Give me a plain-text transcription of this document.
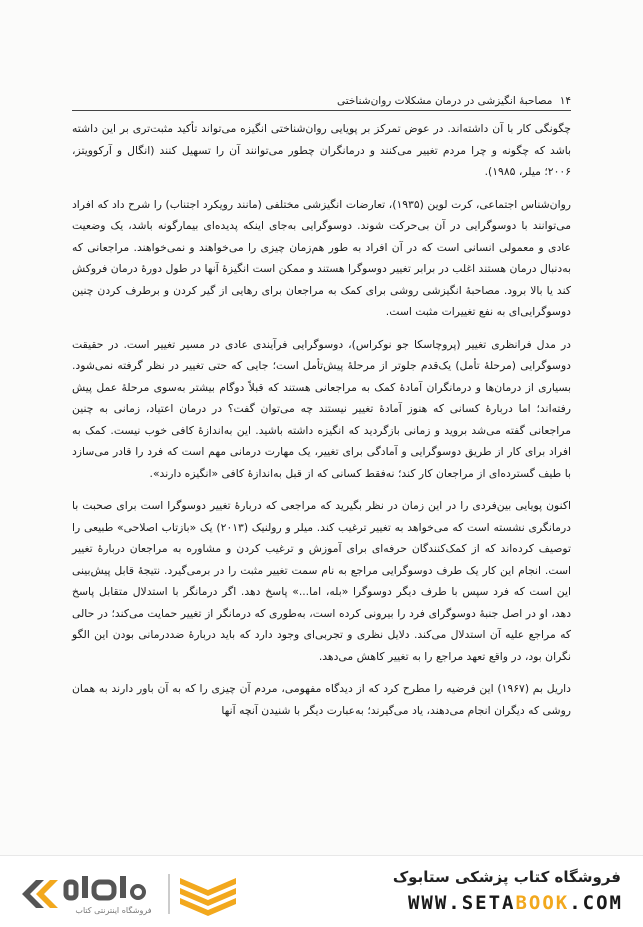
۱۴ مصاحبهٔ انگیزشی در درمان مشکلات روان‌شناختی

چگونگی کار با آن داشته‌اند. در عوض تمرکز بر پویایی روان‌شناختی انگیزه می‌تواند تأکید مثبت‌تری بر این داشته باشد که چگونه و چرا مردم تغییر می‌کنند و درمانگران چطور می‌توانند آن را تسهیل کنند (انگال و آرکوویتز، ۲۰۰۶؛ میلر، ۱۹۸۵).

روان‌شناس اجتماعی، کرت لوین (۱۹۳۵)، تعارضات انگیزشی مختلفی (مانند رویکرد اجتناب) را شرح داد که افراد می‌توانند با دوسوگرایی در آن بی‌حرکت شوند. دوسوگرایی به‌جای اینکه پدیده‌ای بیمارگونه باشد، یک وضعیت عادی و معمولی انسانی است که در آن افراد به طور هم‌زمان چیزی را می‌خواهند و نمی‌خواهند. مراجعانی که به‌دنبال درمان هستند اغلب در برابر تغییر دوسوگرا هستند و ممکن است انگیزهٔ آنها در طول دورهٔ درمان فروکش کند یا بالا برود. مصاحبهٔ انگیزشی روشی برای کمک به مراجعان برای رهایی از گیر کردن و برطرف کردن چنین دوسوگرایی‌ای به نفع تغییرات مثبت است.

در مدل فرانظری تغییر (پروچاسکا جو نوکراس)، دوسوگرایی فرآیندی عادی در مسیر تغییر است. در حقیقت دوسوگرایی (مرحلهٔ تأمل) یک‌قدم جلوتر از مرحلهٔ پیش‌تأمل است؛ جایی که حتی تغییر در نظر گرفته نمی‌شود. بسیاری از درمان‌ها و درمانگران آمادهٔ کمک به مراجعانی هستند که قبلاً دوگام بیشتر به‌سوی مرحلهٔ عمل پیش رفته‌اند؛ اما دربارهٔ کسانی که هنوز آمادهٔ تغییر نیستند چه می‌توان گفت؟ در درمان اعتیاد، زمانی به چنین مراجعانی گفته می‌شد بروید و زمانی بازگردید که انگیزه داشته باشید. این به‌اندازهٔ کافی خوب نیست. کمک به افراد برای کار از طریق دوسوگرایی و آمادگی برای تغییر، یک مهارت درمانی مهم است که فرد را قادر می‌سازد با طیف گسترده‌ای از مراجعان کار کند؛ نه‌فقط کسانی که از قبل به‌اندازهٔ کافی «انگیزه دارند».

اکنون پویایی بین‌فردی را در این زمان در نظر بگیرید که مراجعی که دربارهٔ تغییر دوسوگرا است برای صحبت با درمانگری نشسته است که می‌خواهد به تغییر ترغیب کند. میلر و رولنیک (۲۰۱۳) یک «بازتاب اصلاحی» طبیعی را توصیف کرده‌اند که از کمک‌کنندگان حرفه‌ای برای آموزش و ترغیب کردن و مشاوره به مراجعان دربارهٔ تغییر است. انجام این کار یک طرف دوسوگرایی مراجع به نام سمت تغییر مثبت را در برمی‌گیرد. نتیجهٔ قابل پیش‌بینی این است که فرد سپس با طرف دیگر دوسوگرا «بله، اما...» پاسخ دهد. اگر درمانگر با استدلال متقابل پاسخ دهد، او در اصل جنبهٔ دوسوگرای فرد را بیرونی کرده است، به‌طوری که درمانگر از تغییر حمایت می‌کند؛ در حالی که مراجع علیه آن استدلال می‌کند. دلایل نظری و تجربی‌ای وجود دارد که باید دربارهٔ ضددرمانی بودن این الگو نگران بود، در واقع تعهد مراجع را به تغییر کاهش می‌دهد.

داریل بم (۱۹۶۷) این فرضیه را مطرح کرد که از دیدگاه مفهومی، مردم آن چیزی را که به آن باور دارند به همان روشی که دیگران انجام می‌دهند، یاد می‌گیرند؛ به‌عبارت دیگر با شنیدن آنچه آنها

فروشگاه اینترنتی کتاب
فروشگاه کتاب پزشکی ستابوک
WWW.SETABOOK.COM
